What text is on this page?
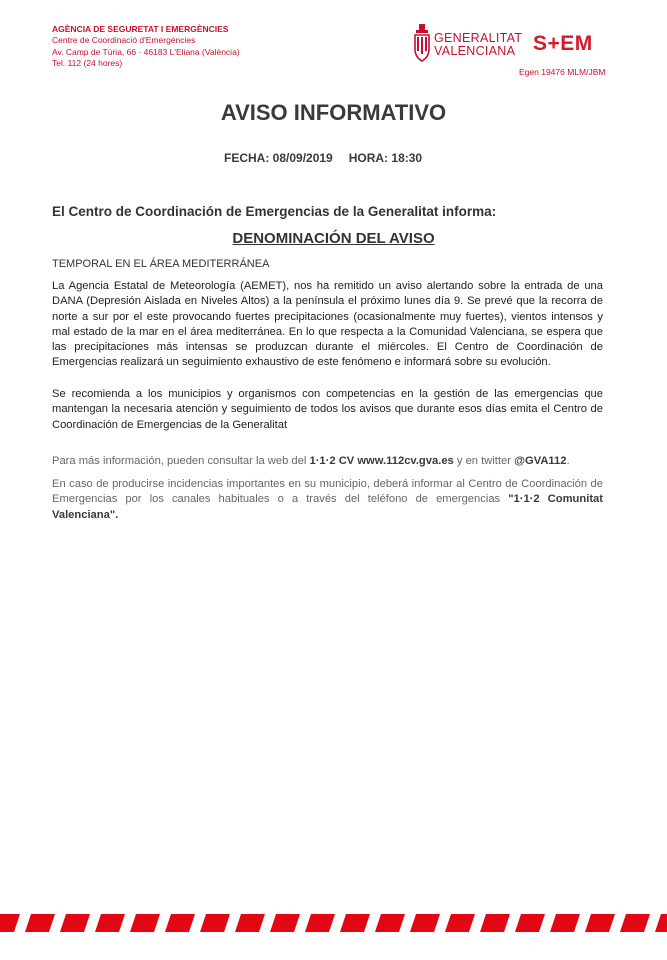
AGÈNCIA DE SEGURETAT I EMERGÈNCIES
Centre de Coordinació d'Emergències
Av. Camp de Túria, 66 · 46183 L'Eliana (València)
Tel. 112 (24 hores)
GENERALITAT
VALENCIANA S+EM
Egen 19476 MLM/JBM
AVISO INFORMATIVO
FECHA: 08/09/2019 HORA: 18:30
El Centro de Coordinación de Emergencias de la Generalitat informa:
DENOMINACIÓN DEL AVISO
TEMPORAL EN EL ÁREA MEDITERRÁNEA
La Agencia Estatal de Meteorología (AEMET), nos ha remitido un aviso alertando sobre la entrada de una DANA (Depresión Aislada en Niveles Altos) a la península el próximo lunes día 9. Se prevé que la recorra de norte a sur por el este provocando fuertes precipitaciones (ocasionalmente muy fuertes), vientos intensos y mal estado de la mar en el área mediterránea. En lo que respecta a la Comunidad Valenciana, se espera que las precipitaciones más intensas se produzcan durante el miércoles. El Centro de Coordinación de Emergencias realizará un seguimiento exhaustivo de este fenómeno e informará sobre su evolución.
Se recomienda a los municipios y organismos con competencias en la gestión de las emergencias que mantengan la necesaria atención y seguimiento de todos los avisos que durante esos días emita el Centro de Coordinación de Emergencias de la Generalitat
Para más información, pueden consultar la web del 1·1·2 CV www.112cv.gva.es y en twitter @GVA112.
En caso de producirse incidencias importantes en su municipio, deberá informar al Centro de Coordinación de Emergencias por los canales habituales o a través del teléfono de emergencias "1·1·2 Comunitat Valenciana".
